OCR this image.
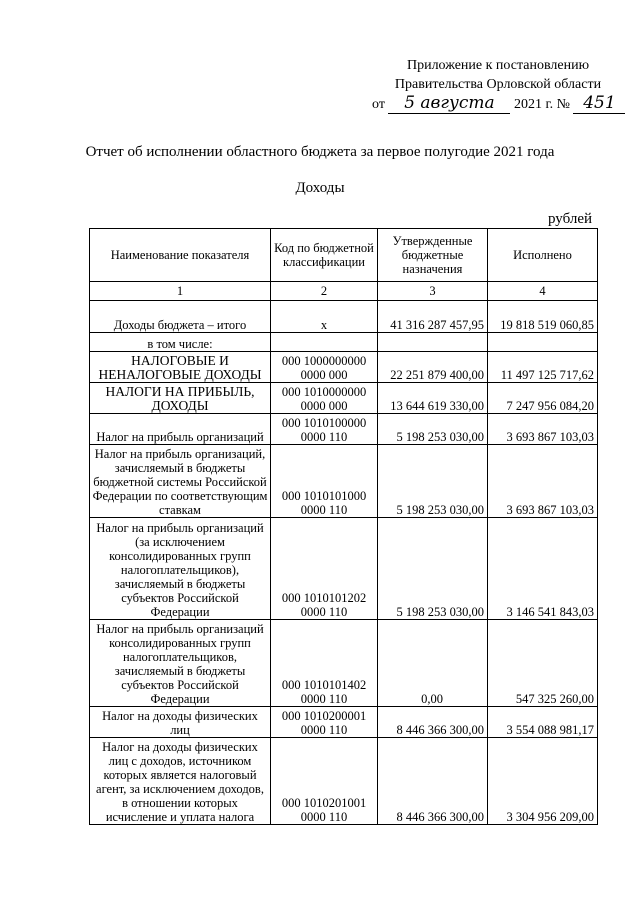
Приложение к постановлению
Правительства Орловской области
от 5 августа 2021 г. № 451
Отчет об исполнении областного бюджета за первое полугодие 2021 года
Доходы
рублей
Наименование показателя	Код по бюджетной классификации	Утвержденные бюджетные назначения	Исполнено
1	2	3	4
Доходы бюджета – итого	x	41 316 287 457,95	19 818 519 060,85
в том числе:			
НАЛОГОВЫЕ И НЕНАЛОГОВЫЕ ДОХОДЫ	000 1000000000 0000 000	22 251 879 400,00	11 497 125 717,62
НАЛОГИ НА ПРИБЫЛЬ, ДОХОДЫ	000 1010000000 0000 000	13 644 619 330,00	7 247 956 084,20
Налог на прибыль организаций	000 1010100000 0000 110	5 198 253 030,00	3 693 867 103,03
Налог на прибыль организаций, зачисляемый в бюджеты бюджетной системы Российской Федерации по соответствующим ставкам	000 1010101000 0000 110	5 198 253 030,00	3 693 867 103,03
Налог на прибыль организаций (за исключением консолидированных групп налогоплательщиков), зачисляемый в бюджеты субъектов Российской Федерации	000 1010101202 0000 110	5 198 253 030,00	3 146 541 843,03
Налог на прибыль организаций консолидированных групп налогоплательщиков, зачисляемый в бюджеты субъектов Российской Федерации	000 1010101402 0000 110	0,00	547 325 260,00
Налог на доходы физических лиц	000 1010200001 0000 110	8 446 366 300,00	3 554 088 981,17
Налог на доходы физических лиц с доходов, источником которых является налоговый агент, за исключением доходов, в отношении которых исчисление и уплата налога	000 1010201001 0000 110	8 446 366 300,00	3 304 956 209,00
